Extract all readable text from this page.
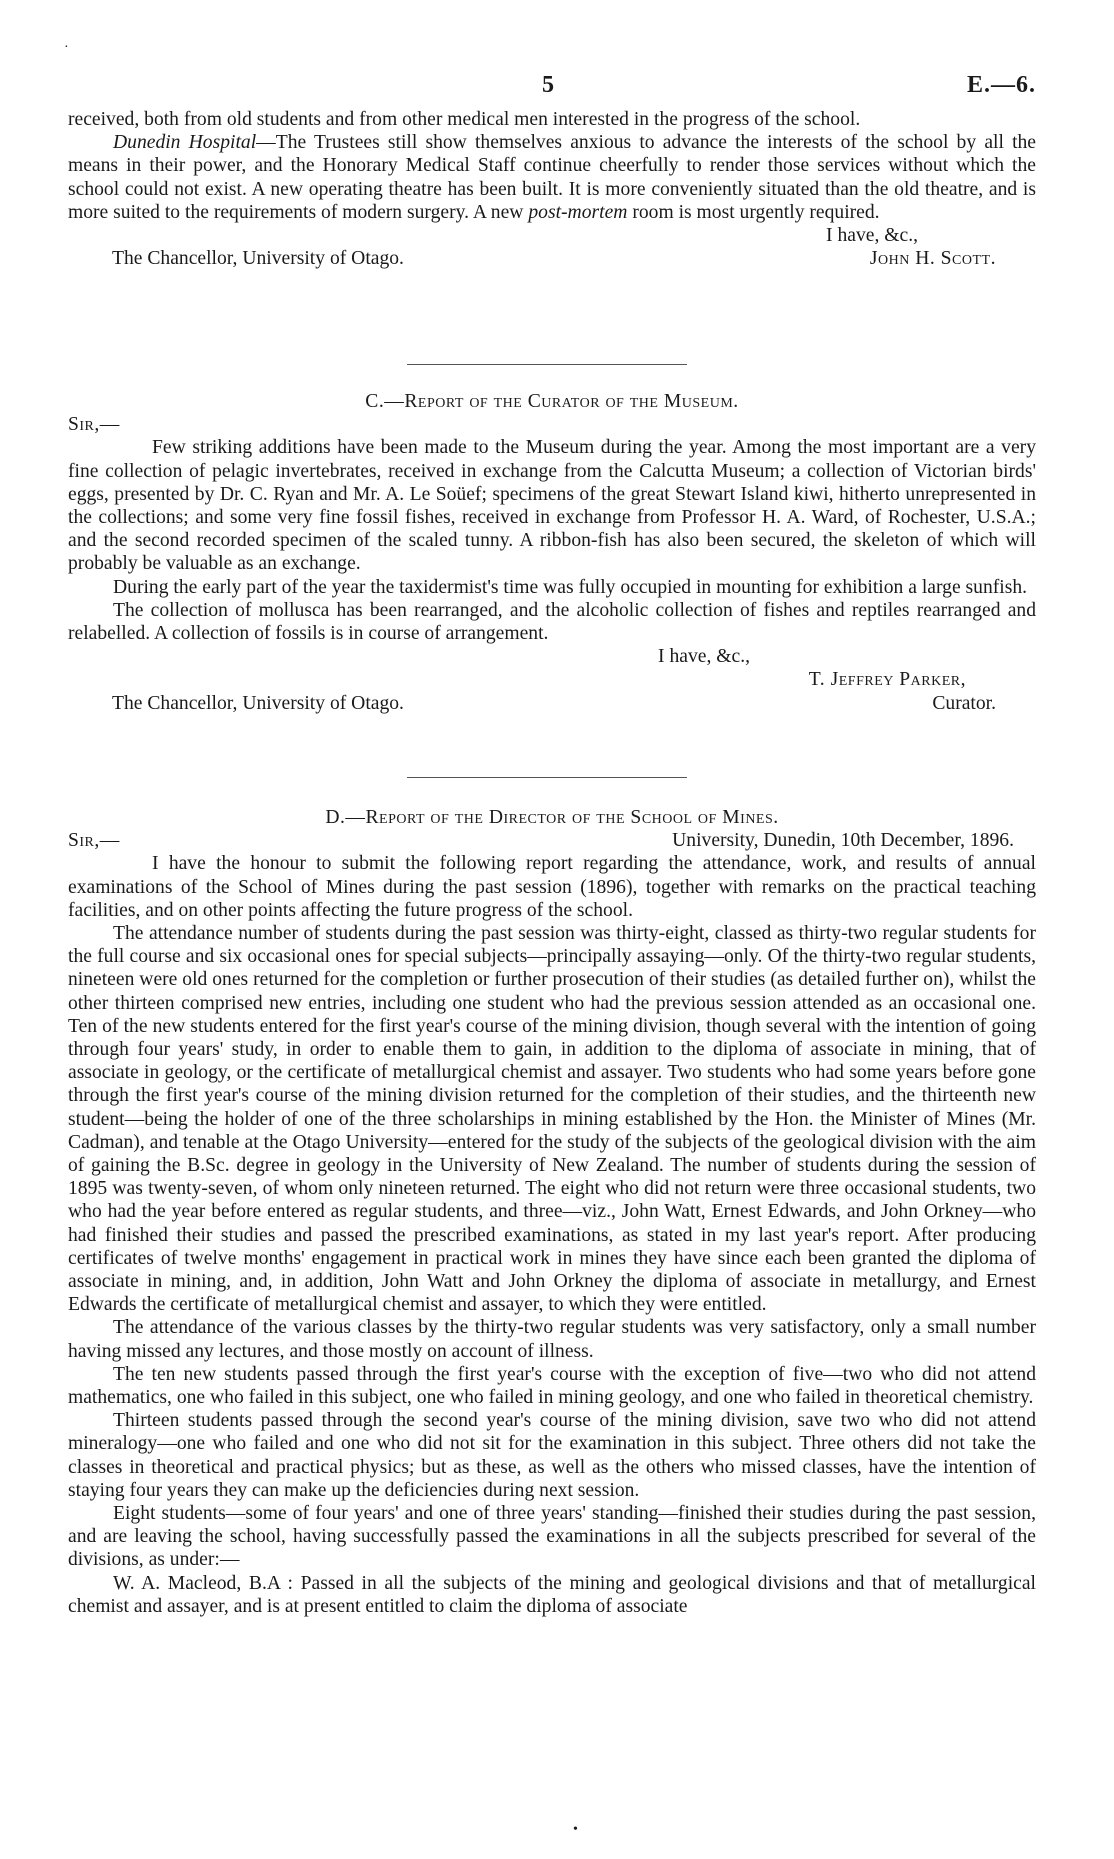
·
5	E.—6.

received, both from old students and from other medical men interested in the progress of the school.

Dunedin Hospital—The Trustees still show themselves anxious to advance the interests of the school by all the means in their power, and the Honorary Medical Staff continue cheerfully to render those services without which the school could not exist. A new operating theatre has been built. It is more conveniently situated than the old theatre, and is more suited to the requirements of modern surgery. A new post-mortem room is most urgently required.

I have, &c.,
The Chancellor, University of Otago.	John H. Scott.

C.—Report of the Curator of the Museum.

Sir,—

Few striking additions have been made to the Museum during the year. Among the most important are a very fine collection of pelagic invertebrates, received in exchange from the Calcutta Museum; a collection of Victorian birds' eggs, presented by Dr. C. Ryan and Mr. A. Le Soüef; specimens of the great Stewart Island kiwi, hitherto unrepresented in the collections; and some very fine fossil fishes, received in exchange from Professor H. A. Ward, of Rochester, U.S.A.; and the second recorded specimen of the scaled tunny. A ribbon-fish has also been secured, the skeleton of which will probably be valuable as an exchange.

During the early part of the year the taxidermist's time was fully occupied in mounting for exhibition a large sunfish.

The collection of mollusca has been rearranged, and the alcoholic collection of fishes and reptiles rearranged and relabelled. A collection of fossils is in course of arrangement.

I have, &c.,
T. Jeffrey Parker,
The Chancellor, University of Otago.	Curator.

D.—Report of the Director of the School of Mines.

Sir,—	University, Dunedin, 10th December, 1896.

I have the honour to submit the following report regarding the attendance, work, and results of annual examinations of the School of Mines during the past session (1896), together with remarks on the practical teaching facilities, and on other points affecting the future progress of the school.

The attendance number of students during the past session was thirty-eight, classed as thirty-two regular students for the full course and six occasional ones for special subjects—principally assaying—only. Of the thirty-two regular students, nineteen were old ones returned for the completion or further prosecution of their studies (as detailed further on), whilst the other thirteen comprised new entries, including one student who had the previous session attended as an occasional one. Ten of the new students entered for the first year's course of the mining division, though several with the intention of going through four years' study, in order to enable them to gain, in addition to the diploma of associate in mining, that of associate in geology, or the certificate of metallurgical chemist and assayer. Two students who had some years before gone through the first year's course of the mining division returned for the completion of their studies, and the thirteenth new student—being the holder of one of the three scholarships in mining established by the Hon. the Minister of Mines (Mr. Cadman), and tenable at the Otago University—entered for the study of the subjects of the geological division with the aim of gaining the B.Sc. degree in geology in the University of New Zealand. The number of students during the session of 1895 was twenty-seven, of whom only nineteen returned. The eight who did not return were three occasional students, two who had the year before entered as regular students, and three—viz., John Watt, Ernest Edwards, and John Orkney—who had finished their studies and passed the prescribed examinations, as stated in my last year's report. After producing certificates of twelve months' engagement in practical work in mines they have since each been granted the diploma of associate in mining, and, in addition, John Watt and John Orkney the diploma of associate in metallurgy, and Ernest Edwards the certificate of metallurgical chemist and assayer, to which they were entitled.

The attendance of the various classes by the thirty-two regular students was very satisfactory, only a small number having missed any lectures, and those mostly on account of illness.

The ten new students passed through the first year's course with the exception of five—two who did not attend mathematics, one who failed in this subject, one who failed in mining geology, and one who failed in theoretical chemistry.

Thirteen students passed through the second year's course of the mining division, save two who did not attend mineralogy—one who failed and one who did not sit for the examination in this subject. Three others did not take the classes in theoretical and practical physics; but as these, as well as the others who missed classes, have the intention of staying four years they can make up the deficiencies during next session.

Eight students—some of four years' and one of three years' standing—finished their studies during the past session, and are leaving the school, having successfully passed the examinations in all the subjects prescribed for several of the divisions, as under:—

W. A. Macleod, B.A : Passed in all the subjects of the mining and geological divisions and that of metallurgical chemist and assayer, and is at present entitled to claim the diploma of associate

•
